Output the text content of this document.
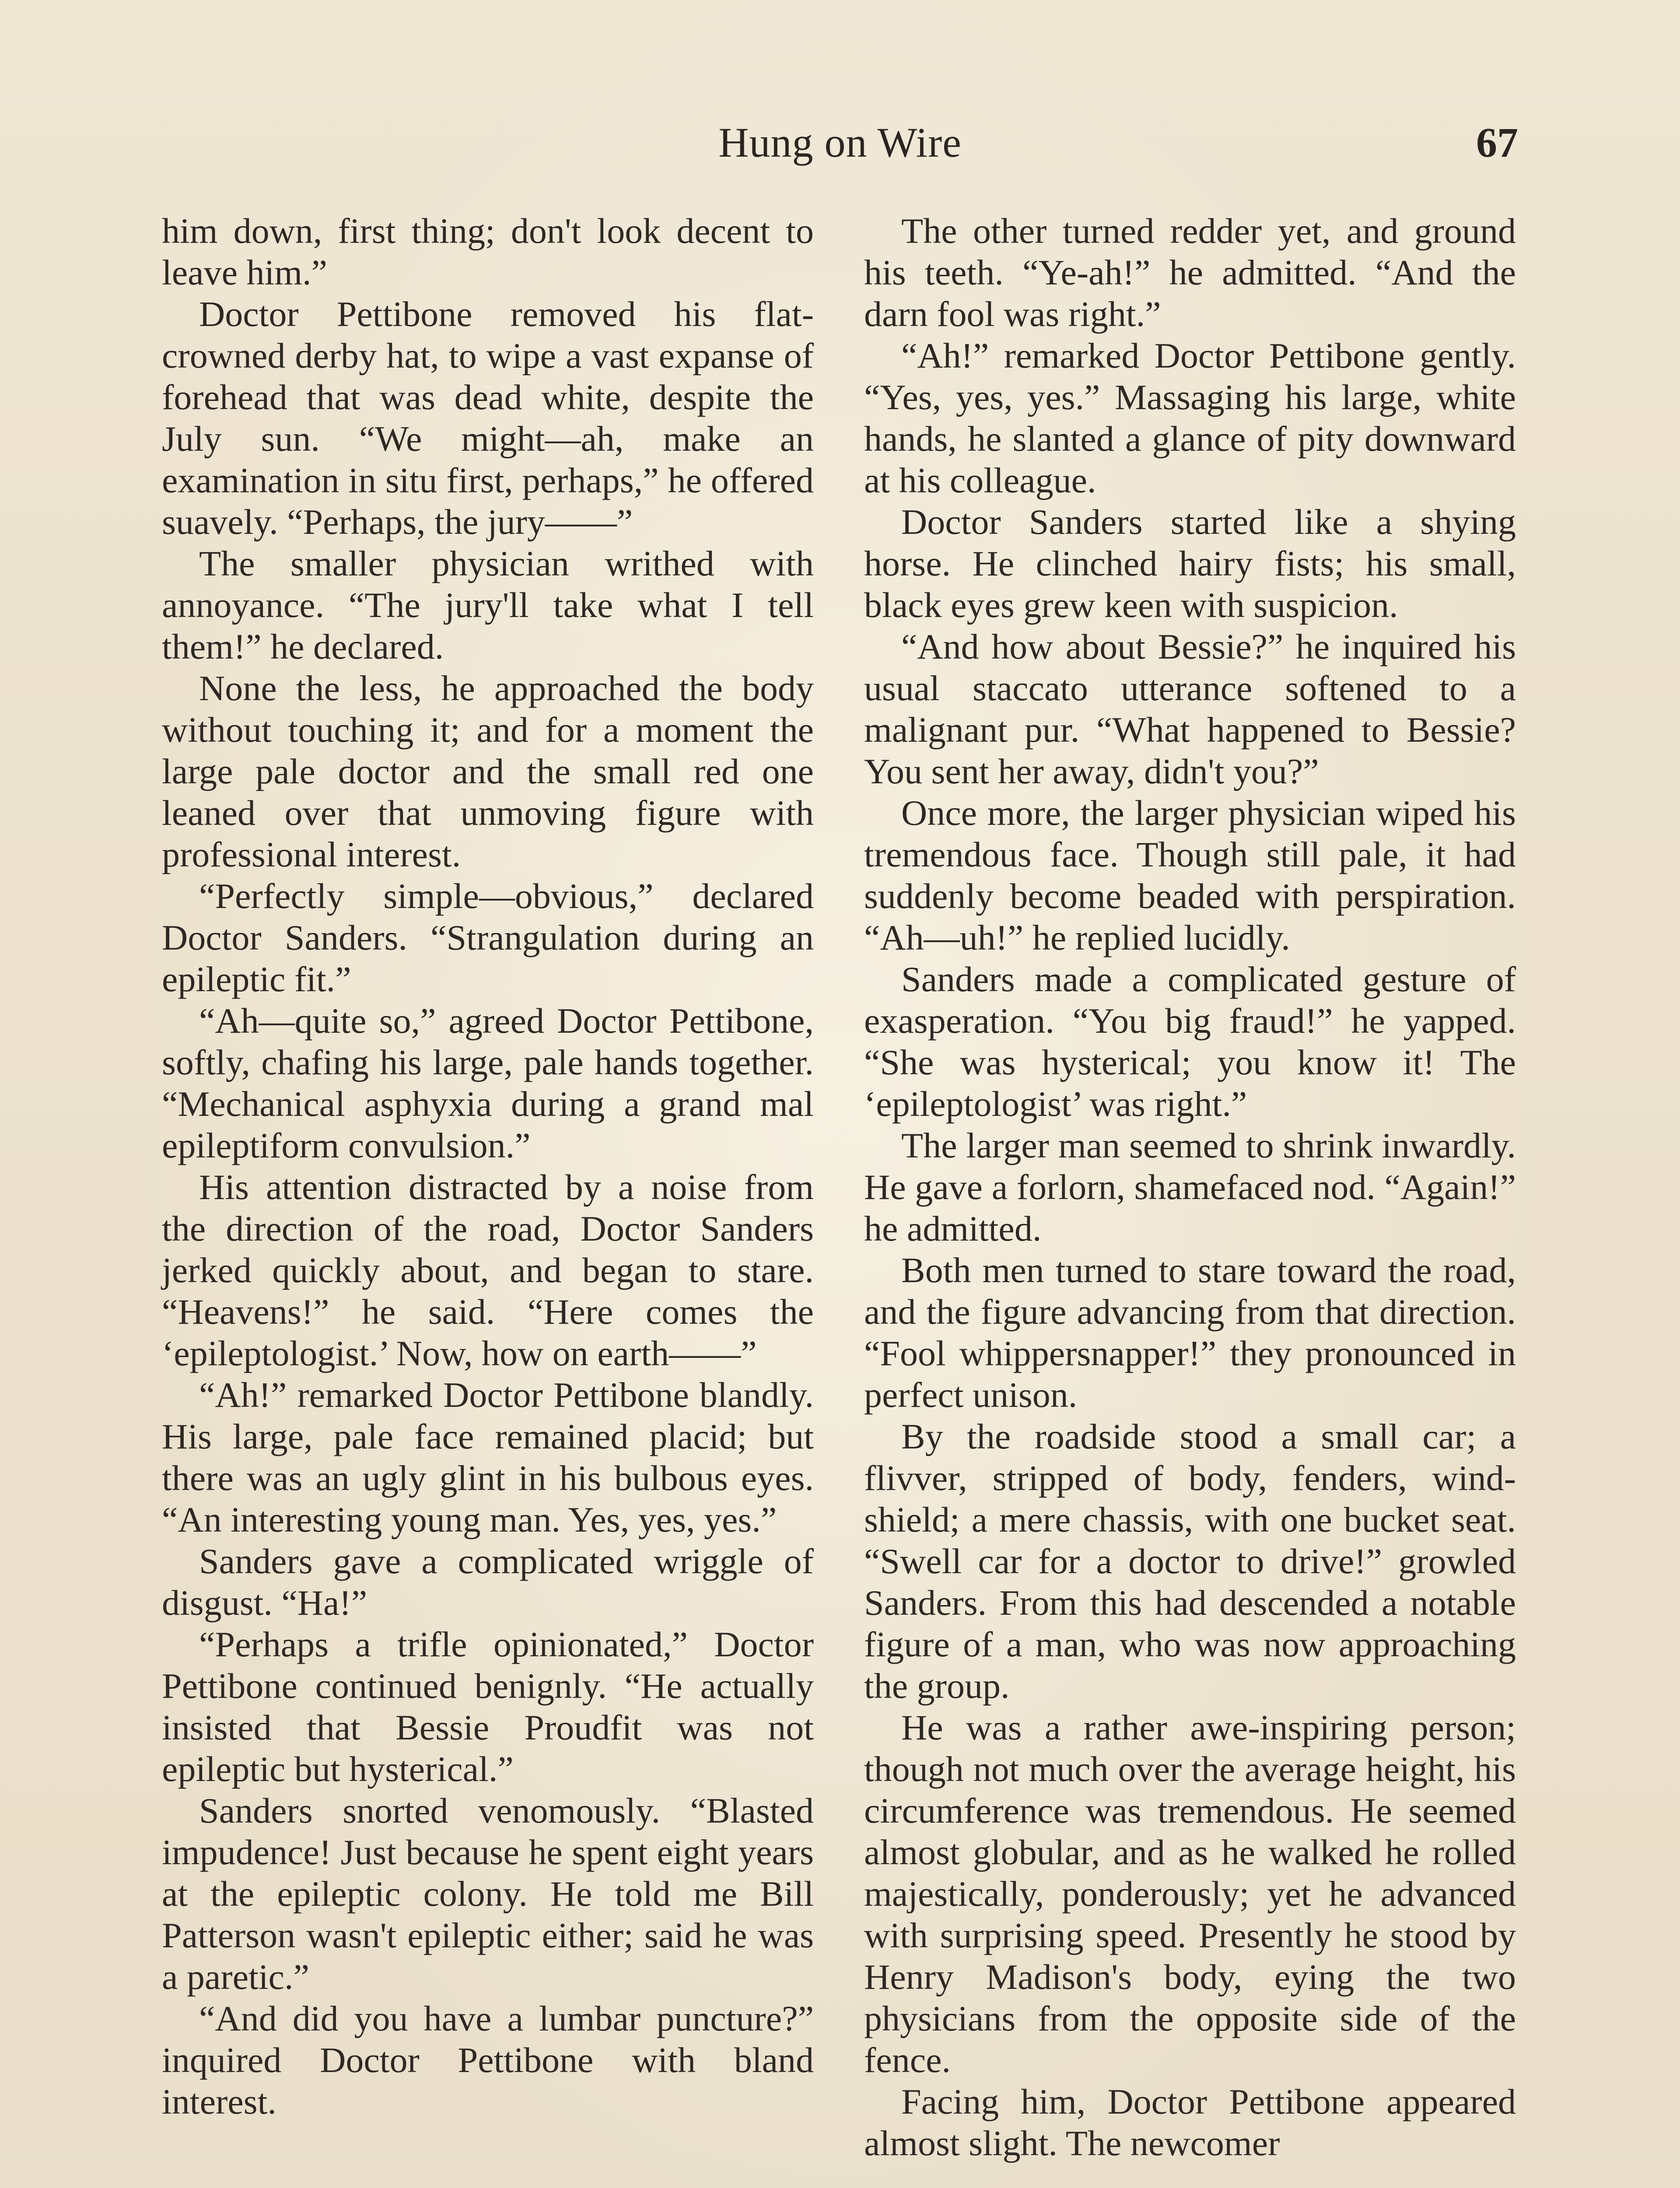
Hung on Wire	67

him down, first thing; don't look decent to leave him.”

Doctor Pettibone removed his flat-crowned derby hat, to wipe a vast expanse of forehead that was dead white, despite the July sun. “We might—ah, make an examination in situ first, perhaps,” he offered suavely. “Perhaps, the jury——”

The smaller physician writhed with annoyance. “The jury'll take what I tell them!” he declared.

None the less, he approached the body without touching it; and for a moment the large pale doctor and the small red one leaned over that unmoving figure with professional interest.

“Perfectly simple—obvious,” declared Doctor Sanders. “Strangulation during an epileptic fit.”

“Ah—quite so,” agreed Doctor Pettibone, softly, chafing his large, pale hands together. “Mechanical asphyxia during a grand mal epileptiform convulsion.”

His attention distracted by a noise from the direction of the road, Doctor Sanders jerked quickly about, and began to stare. “Heavens!” he said. “Here comes the ‘epileptologist.’ Now, how on earth——”

“Ah!” remarked Doctor Pettibone blandly. His large, pale face remained placid; but there was an ugly glint in his bulbous eyes. “An interesting young man. Yes, yes, yes.”

Sanders gave a complicated wriggle of disgust. “Ha!”

“Perhaps a trifle opinionated,” Doctor Pettibone continued benignly. “He actually insisted that Bessie Proudfit was not epileptic but hysterical.”

Sanders snorted venomously. “Blasted impudence! Just because he spent eight years at the epileptic colony. He told me Bill Patterson wasn't epileptic either; said he was a paretic.”

“And did you have a lumbar puncture?” inquired Doctor Pettibone with bland interest.

The other turned redder yet, and ground his teeth. “Ye-ah!” he admitted. “And the darn fool was right.”

“Ah!” remarked Doctor Pettibone gently. “Yes, yes, yes.” Massaging his large, white hands, he slanted a glance of pity downward at his colleague.

Doctor Sanders started like a shying horse. He clinched hairy fists; his small, black eyes grew keen with suspicion.

“And how about Bessie?” he inquired his usual staccato utterance softened to a malignant pur. “What happened to Bessie? You sent her away, didn't you?”

Once more, the larger physician wiped his tremendous face. Though still pale, it had suddenly become beaded with perspiration. “Ah—uh!” he replied lucidly.

Sanders made a complicated gesture of exasperation. “You big fraud!” he yapped. “She was hysterical; you know it! The ‘epileptologist’ was right.”

The larger man seemed to shrink inwardly. He gave a forlorn, shamefaced nod. “Again!” he admitted.

Both men turned to stare toward the road, and the figure advancing from that direction. “Fool whippersnapper!” they pronounced in perfect unison.

By the roadside stood a small car; a flivver, stripped of body, fenders, windshield; a mere chassis, with one bucket seat. “Swell car for a doctor to drive!” growled Sanders. From this had descended a notable figure of a man, who was now approaching the group.

He was a rather awe-inspiring person; though not much over the average height, his circumference was tremendous. He seemed almost globular, and as he walked he rolled majestically, ponderously; yet he advanced with surprising speed. Presently he stood by Henry Madison's body, eying the two physicians from the opposite side of the fence.

Facing him, Doctor Pettibone appeared almost slight. The newcomer
